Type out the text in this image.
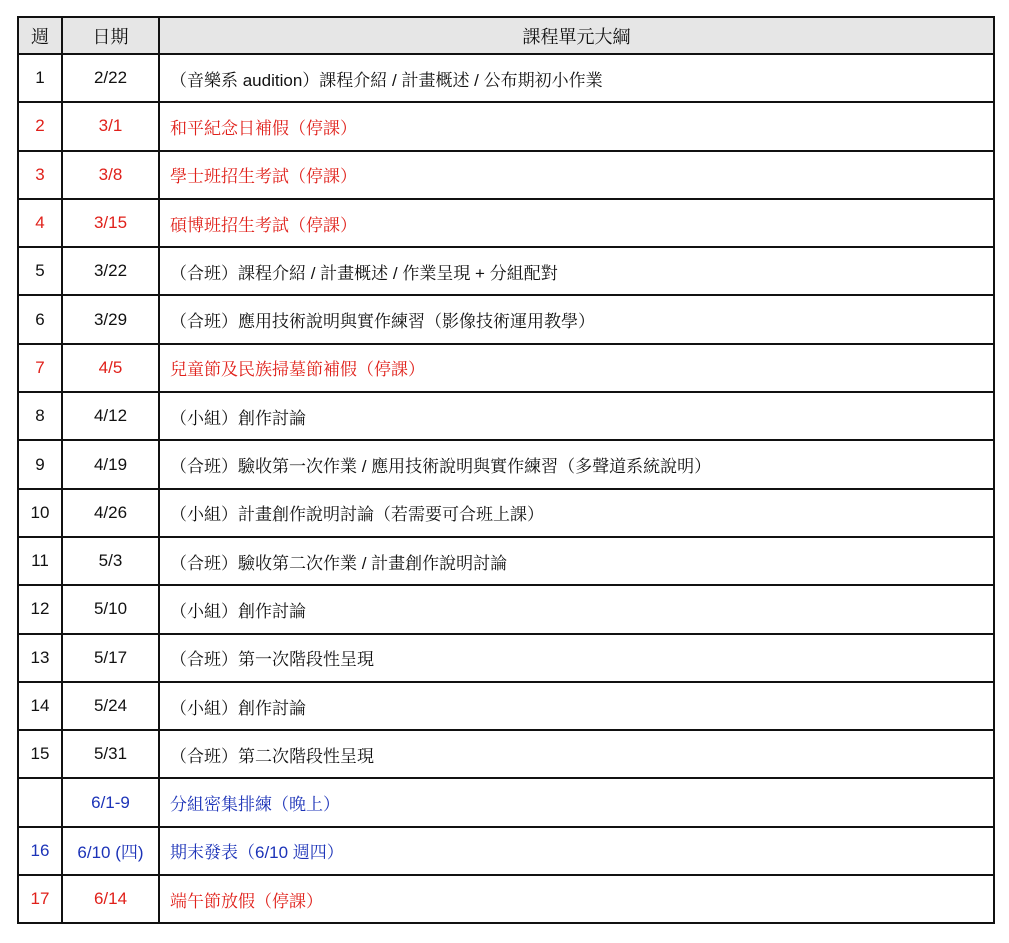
週	日期	課程單元大綱
1	2/22	（音樂系 audition）課程介紹 / 計畫概述 / 公布期初小作業
2	3/1	和平紀念日補假（停課）
3	3/8	學士班招生考試（停課）
4	3/15	碩博班招生考試（停課）
5	3/22	（合班）課程介紹 / 計畫概述 / 作業呈現 + 分組配對
6	3/29	（合班）應用技術說明與實作練習（影像技術運用教學）
7	4/5	兒童節及民族掃墓節補假（停課）
8	4/12	（小組）創作討論
9	4/19	（合班）驗收第一次作業 / 應用技術說明與實作練習（多聲道系統說明）
10	4/26	（小組）計畫創作說明討論（若需要可合班上課）
11	5/3	（合班）驗收第二次作業 / 計畫創作說明討論
12	5/10	（小組）創作討論
13	5/17	（合班）第一次階段性呈現
14	5/24	（小組）創作討論
15	5/31	（合班）第二次階段性呈現
	6/1-9	分組密集排練（晚上）
16	6/10 (四)	期末發表（6/10 週四）
17	6/14	端午節放假（停課）
